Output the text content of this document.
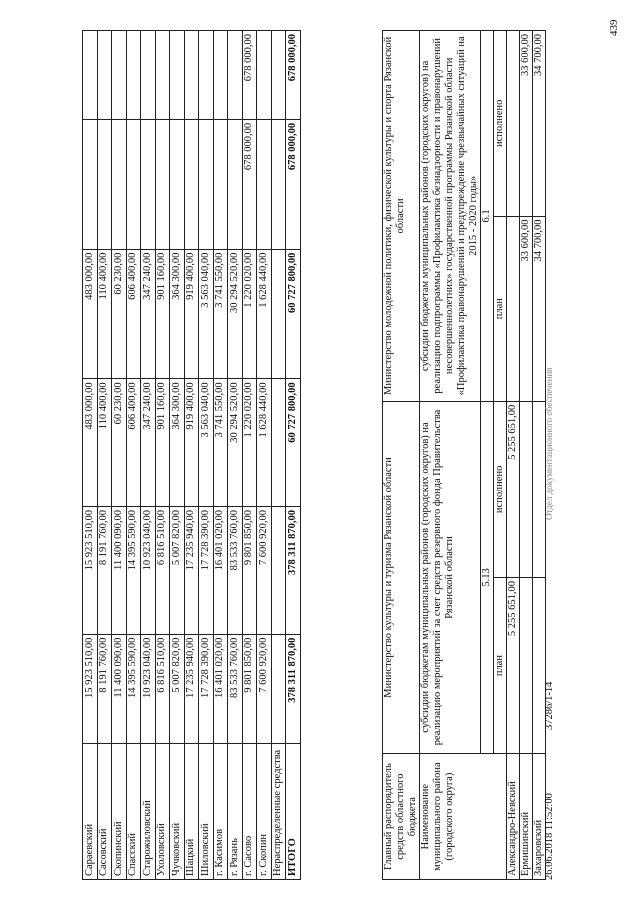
439
Сараевский	15 923 510,00	15 923 510,00	483 000,00	483 000,00		
Сасовский	8 191 760,00	8 191 760,00	110 400,00	110 400,00		
Скопинский	11 400 090,00	11 400 090,00	60 230,00	60 230,00		
Спасский	14 395 590,00	14 395 590,00	606 400,00	606 400,00		
Старожиловский	10 923 040,00	10 923 040,00	347 240,00	347 240,00		
Ухоловский	6 816 510,00	6 816 510,00	901 160,00	901 160,00		
Чучковский	5 007 820,00	5 007 820,00	364 300,00	364 300,00		
Шацкий	17 235 940,00	17 235 940,00	919 400,00	919 400,00		
Шиловский	17 728 390,00	17 728 390,00	3 563 040,00	3 563 040,00		
г. Касимов	16 401 020,00	16 401 020,00	3 741 550,00	3 741 550,00		
г. Рязань	83 533 760,00	83 533 760,00	30 294 520,00	30 294 520,00		
г. Сасово	9 801 850,00	9 801 850,00	1 220 020,00	1 220 020,00	678 000,00	678 000,00
г. Скопин	7 600 920,00	7 600 920,00	1 628 440,00	1 628 440,00		
Нераспределенные средства						
ИТОГО	378 311 870,00	378 311 870,00	60 727 800,00	60 727 800,00	678 000,00	678 000,00
Главный распорядитель средств областного бюджета	Министерство культуры и туризма Рязанской области		Министерство молодежной политики, физической культуры и спорта Рязанской области	
Наименование муниципального района (городского округа)	субсидии бюджетам муниципальных районов (городских округов) на реализацию мероприятий за счет средств резервного фонда Правительства Рязанской области		субсидии бюджетам муниципальных районов (городских округов) на реализацию подпрограммы «Профилактика безнадзорности и правонарушений несовершеннолетних» государственной программы Рязанской области «Профилактика правонарушений и предупреждение чрезвычайных ситуаций на 2015 - 2020 годы»	
	5.13		6.1	
	план	исполнено	план	исполнено
Александро-Невский	5 255 651,00	5 255 651,00		
Ермишинский			33 600,00	33 600,00
Захаровский			34 700,00	34 700,00
26.06.2018 11:52:00
37286/1-14
Отдел документационного обеспечения
